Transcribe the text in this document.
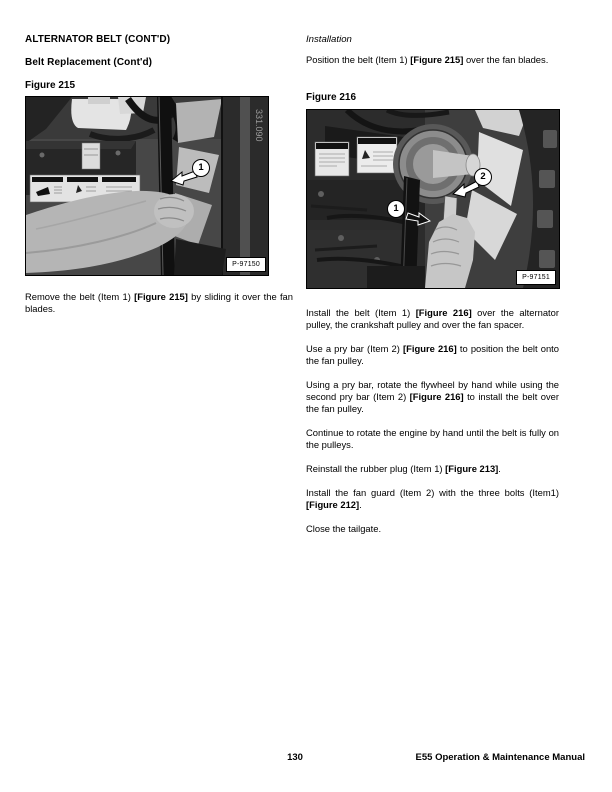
ALTERNATOR BELT (CONT'D)
Belt Replacement (Cont'd)
Figure 215
331.090
1
P-97150

Remove the belt (Item 1) [Figure 215] by sliding it over the fan blades.

Installation

Position the belt (Item 1) [Figure 215] over the fan blades.

Figure 216
2
1
P-97151

Install the belt (Item 1) [Figure 216] over the alternator pulley, the crankshaft pulley and over the fan spacer.

Use a pry bar (Item 2) [Figure 216] to position the belt onto the fan pulley.

Using a pry bar, rotate the flywheel by hand while using the second pry bar (Item 2) [Figure 216] to install the belt over the fan pulley.

Continue to rotate the engine by hand until the belt is fully on the pulleys.

Reinstall the rubber plug (Item 1) [Figure 213].

Install the fan guard (Item 2) with the three bolts (Item1) [Figure 212].

Close the tailgate.

130	E55 Operation & Maintenance Manual
